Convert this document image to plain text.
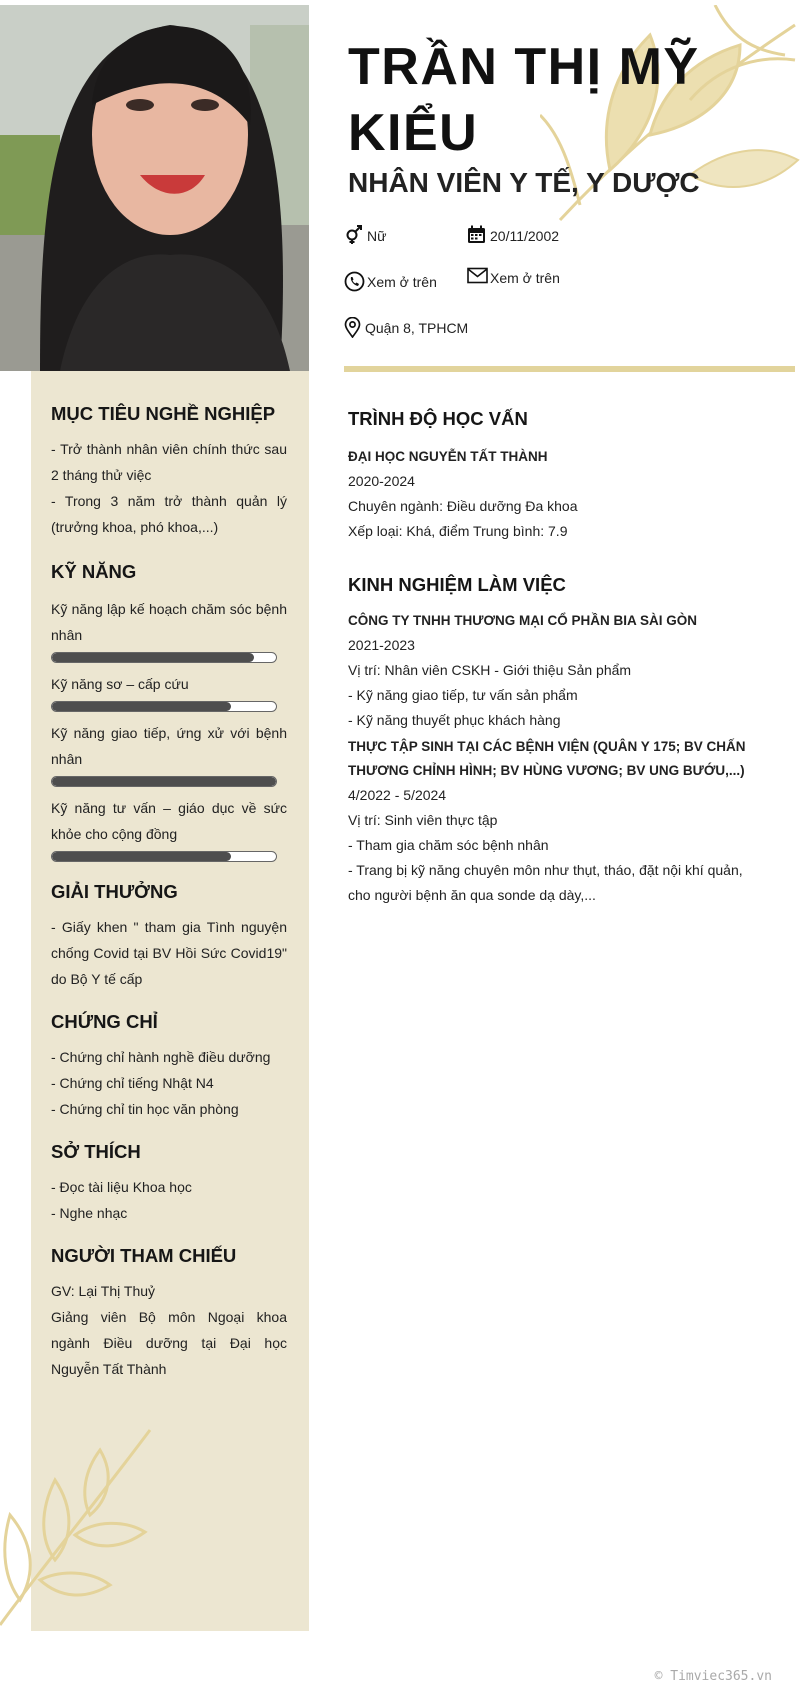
TRẦN THỊ MỸ KIỂU
NHÂN VIÊN Y TẾ, Y DƯỢC
Nữ	20/11/2002
Xem ở trên	Xem ở trên
Quận 8, TPHCM
MỤC TIÊU NGHỀ NGHIỆP

- Trở thành nhân viên chính thức sau 2 tháng thử việc

- Trong 3 năm trở thành quản lý (trưởng khoa, phó khoa,...)

KỸ NĂNG

Kỹ năng lập kế hoạch chăm sóc bệnh nhân

Kỹ năng sơ – cấp cứu

Kỹ năng giao tiếp, ứng xử với bệnh nhân

Kỹ năng tư vấn – giáo dục về sức khỏe cho cộng đồng

GIẢI THƯỞNG

- Giấy khen " tham gia Tình nguyện chống Covid tại BV Hồi Sức Covid19" do Bộ Y tế cấp

CHỨNG CHỈ

- Chứng chỉ hành nghề điều dưỡng

- Chứng chỉ tiếng Nhật N4

- Chứng chỉ tin học văn phòng

SỞ THÍCH

- Đọc tài liệu Khoa học

- Nghe nhạc

NGƯỜI THAM CHIẾU

GV: Lại Thị Thuỷ

Giảng viên Bộ môn Ngoại khoa ngành Điều dưỡng tại Đại học Nguyễn Tất Thành

TRÌNH ĐỘ HỌC VẤN

ĐẠI HỌC NGUYỄN TẤT THÀNH

2020-2024

Chuyên ngành: Điều dưỡng Đa khoa

Xếp loại: Khá, điểm Trung bình: 7.9

KINH NGHIỆM LÀM VIỆC

CÔNG TY TNHH THƯƠNG MẠI CỔ PHẦN BIA SÀI GÒN

2021-2023

Vị trí: Nhân viên CSKH - Giới thiệu Sản phẩm

- Kỹ năng giao tiếp, tư vấn sản phẩm

- Kỹ năng thuyết phục khách hàng

THỰC TẬP SINH TẠI CÁC BỆNH VIỆN (QUÂN Y 175; BV CHẤN THƯƠNG CHỈNH HÌNH; BV HÙNG VƯƠNG; BV UNG BƯỚU,...)

4/2022 - 5/2024

Vị trí: Sinh viên thực tập

- Tham gia chăm sóc bệnh nhân

- Trang bị kỹ năng chuyên môn như thụt, tháo, đặt nội khí quản, cho người bệnh ăn qua sonde dạ dày,...

© Timviec365.vn
